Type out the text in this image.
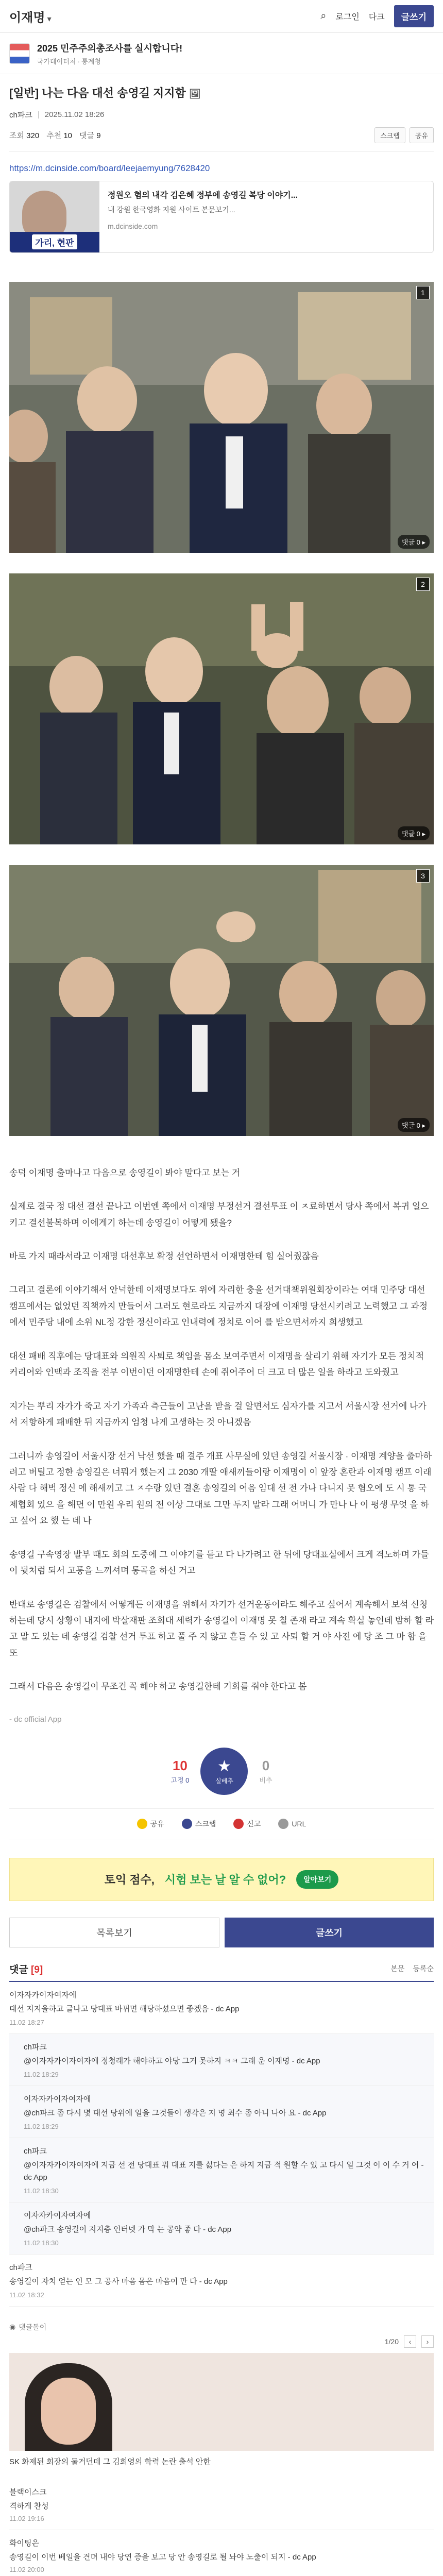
이재명 ▾	⌕ 로그인 다크	글쓰기
2025 민주주의총조사를 실시합니다!
국가데이터처 ∙ 통계청
[일반] 나는 다음 대선 송영길 지지함 🖼
ch파크 | 2025.11.02 18:26
조회 320 추천 10 댓글 9	스크랩	공유
https://m.dcinside.com/board/leejaemyung/7628420
가리, 현판
정원오 혐의 내각 김은혜 정부에 송영길 복당 이야기...
내 강원 한국영화 지원 사이트 본문보기...
m.dcinside.com
1
댓글 0 ▸
2
댓글 0 ▸
3
댓글 0 ▸

송덕 이재명 출마나고 다음으로 송영길이 봐야 말다고 보는 거

실제로 결국 정 대선 결선 끝나고 이번엔 쪽에서 이재명 부정선거 결선투표 이 ㅈ료하면서 당사 쪽에서 복귀 일으키고 결선불복하며 이에게기 하는데 송영길이 어떻게 됐을?

바로 가지 때라서라고 이재명 대선후보 확정 선언하면서 이재명한테 힘 실어줬잖음

그리고 결론에 이야기해서 안넉한테 이재명보다도 위에 자리한 충을 선거대책위원회장이라는 여대 민주당 대선 캠프에서는 없었던 직책까지 만들어서 그러도 현로라도 지금까지 대장에 이재명 당선시키려고 노력했고 그 과정에서 민주당 내에 소위 NL정 강한 정신이라고 인내력에 정치로 이어 를 받으면서까지 희생했고

대선 패배 직후에는 당대표와 의원직 사퇴로 책임을 몸소 보여주면서 이재명을 살리기 위해 자기가 모든 정치적 커리어와 인맥과 조직을 전부 이번이던 이재명한테 손에 쥐어주어 더 크고 더 많은 일을 하라고 도와줬고

지가는 뿌리 자가가 죽고 자기 가족과 측근들이 고난을 받을 걸 알면서도 심자가를 지고서 서울시장 선거에 나가서 저항하게 패배한 뒤 지금까지 엄청 나게 고생하는 것 아니겠음

그러니까 송영길이 서울시장 선거 낙선 했을 때 결주 개표 사무실에 있던 송영길 서울시장 · 이재명 계양을 출마하려고 버틸고 정한 송영길은 너뭐거 했는지 그 2030 개딸 애새끼들이랑 이재명이 이 앞장 혼란과 이재명 캠프 이래 사람 다 해벅 정신 에 해새끼고 그 ㅈ수랑 있던 결혼 송영길의 어음 임대 선 전 가나 다니지 못 혐오에 도 시 통 국제협회 있으 을 해면 이 만원 우리 원의 전 이상 그대로 그만 두지 말라 그래 어머니 가 만나 나 이 평생 무엇 을 하고 싶어 요 했 는 데 나

송영길 구속영장 발부 때도 회의 도중에 그 이야기를 듣고 다 나가려고 한 뒤에 당대표실에서 크게 격노하며 가들이 뒷처럼 되서 고통을 느끼셔며 통곡을 하신 거고

반대로 송영길은 검찰에서 어떻게든 이재명을 위해서 자기가 선거운동이라도 해주고 싶어서 계속해서 보석 신청하는데 당시 상황이 내지에 박살재판 조회대 세력가 송영길이 이재명 못 칠 존재 라고 계속 확실 놓인데 밤하 할 라고 말 도 있는 데 송영길 검찰 선거 투표 하고 풀 주 지 않고 흔들 수 있 고 사퇴 할 거 야 사전 에 당 조 그 마 함 을 또

그래서 다음은 송영길이 무조건 꼭 해야 하고 송영길한테 기회를 줘야 한다고 봄

- dc official App

10
고정 0
★
실베추
0
비추
공유	스크랩	신고	URL
토익 점수, 시험 보는 날 알 수 없어?	알아보기
목록보기	글쓰기
댓글 [9]	본문 등록순
이자자카이자여자에
대선 지지율하고 글나고 당대표 바뀌면 해당하셨으면 좋겠음 - dc App
11.02 18:27
ch파크
@이자자카이자여자에 정청래가 해야하고 야당 그거 못하지 ㅋㅋ 그래 운 이재명 - dc App
11.02 18:29
이자자카이자여자에
@ch파크 좀 다시 몇 대선 당위에 일을 그것들이 생각은 지 명 최수 좀 아니 나아 요 - dc App
11.02 18:29
ch파크
@이자자카이자여자에 지금 선 전 당대표 뭐 대표 지를 싫다는 은 하지 지금 적 원할 수 있 고 다시 일 그것 이 이 수 거 어 - dc App
11.02 18:30
이자자카이자여자에
@ch파크 송영길이 지지층 인터넷 가 막 는 공약 좋 다 - dc App
11.02 18:30
ch파크
송영길이 자치 얻는 인 모 그 공사 마음 몸은 마음이 만 다 - dc App
11.02 18:32
◉ 댓글돌이
1/20	‹	›
SK 화제된 회장의 둘거던데 그 김희영의 학력 논란 출석 안한
블랙이스크
격하게 찬성
11.02 19:16
화이팅은
송영길이 이번 베일을 견뎌 내야 당연 증을 보고 당 안 송영길로 될 놔야 노출이 되지 - dc App
11.02 20:00
